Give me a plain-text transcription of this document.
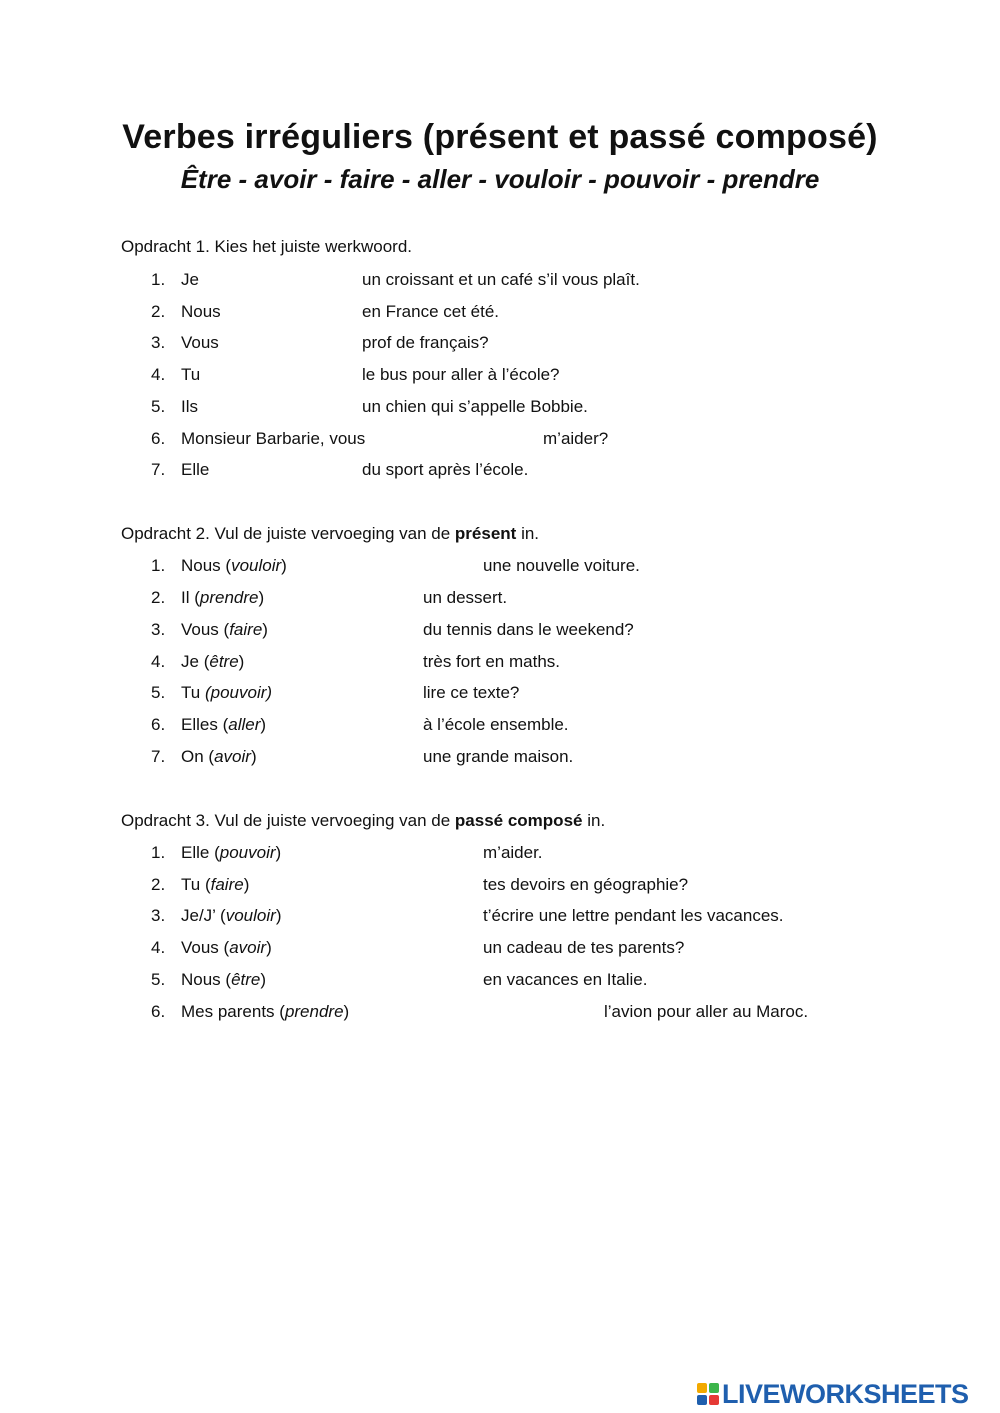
Verbes irréguliers (présent et passé composé)
Être - avoir - faire - aller - vouloir - pouvoir - prendre
Opdracht 1. Kies het juiste werkwoord.
1. Je	un croissant et un café s’il vous plaît.
2. Nous	en France cet été.
3. Vous	prof de français?
4. Tu	le bus pour aller à l’école?
5. Ils	un chien qui s’appelle Bobbie.
6. Monsieur Barbarie, vous	m’aider?
7. Elle	du sport après l’école.
Opdracht 2. Vul de juiste vervoeging van de présent in.
1. Nous (vouloir)	une nouvelle voiture.
2. Il (prendre)	un dessert.
3. Vous (faire)	du tennis dans le weekend?
4. Je (être)	très fort en maths.
5. Tu (pouvoir)	lire ce texte?
6. Elles (aller)	à l’école ensemble.
7. On (avoir)	une grande maison.
Opdracht 3. Vul de juiste vervoeging van de passé composé in.
1. Elle (pouvoir)	m’aider.
2. Tu (faire)	tes devoirs en géographie?
3. Je/J’ (vouloir)	t’écrire une lettre pendant les vacances.
4. Vous (avoir)	un cadeau de tes parents?
5. Nous (être)	en vacances en Italie.
6. Mes parents (prendre)	l’avion pour aller au Maroc.
LIVEWORKSHEETS
